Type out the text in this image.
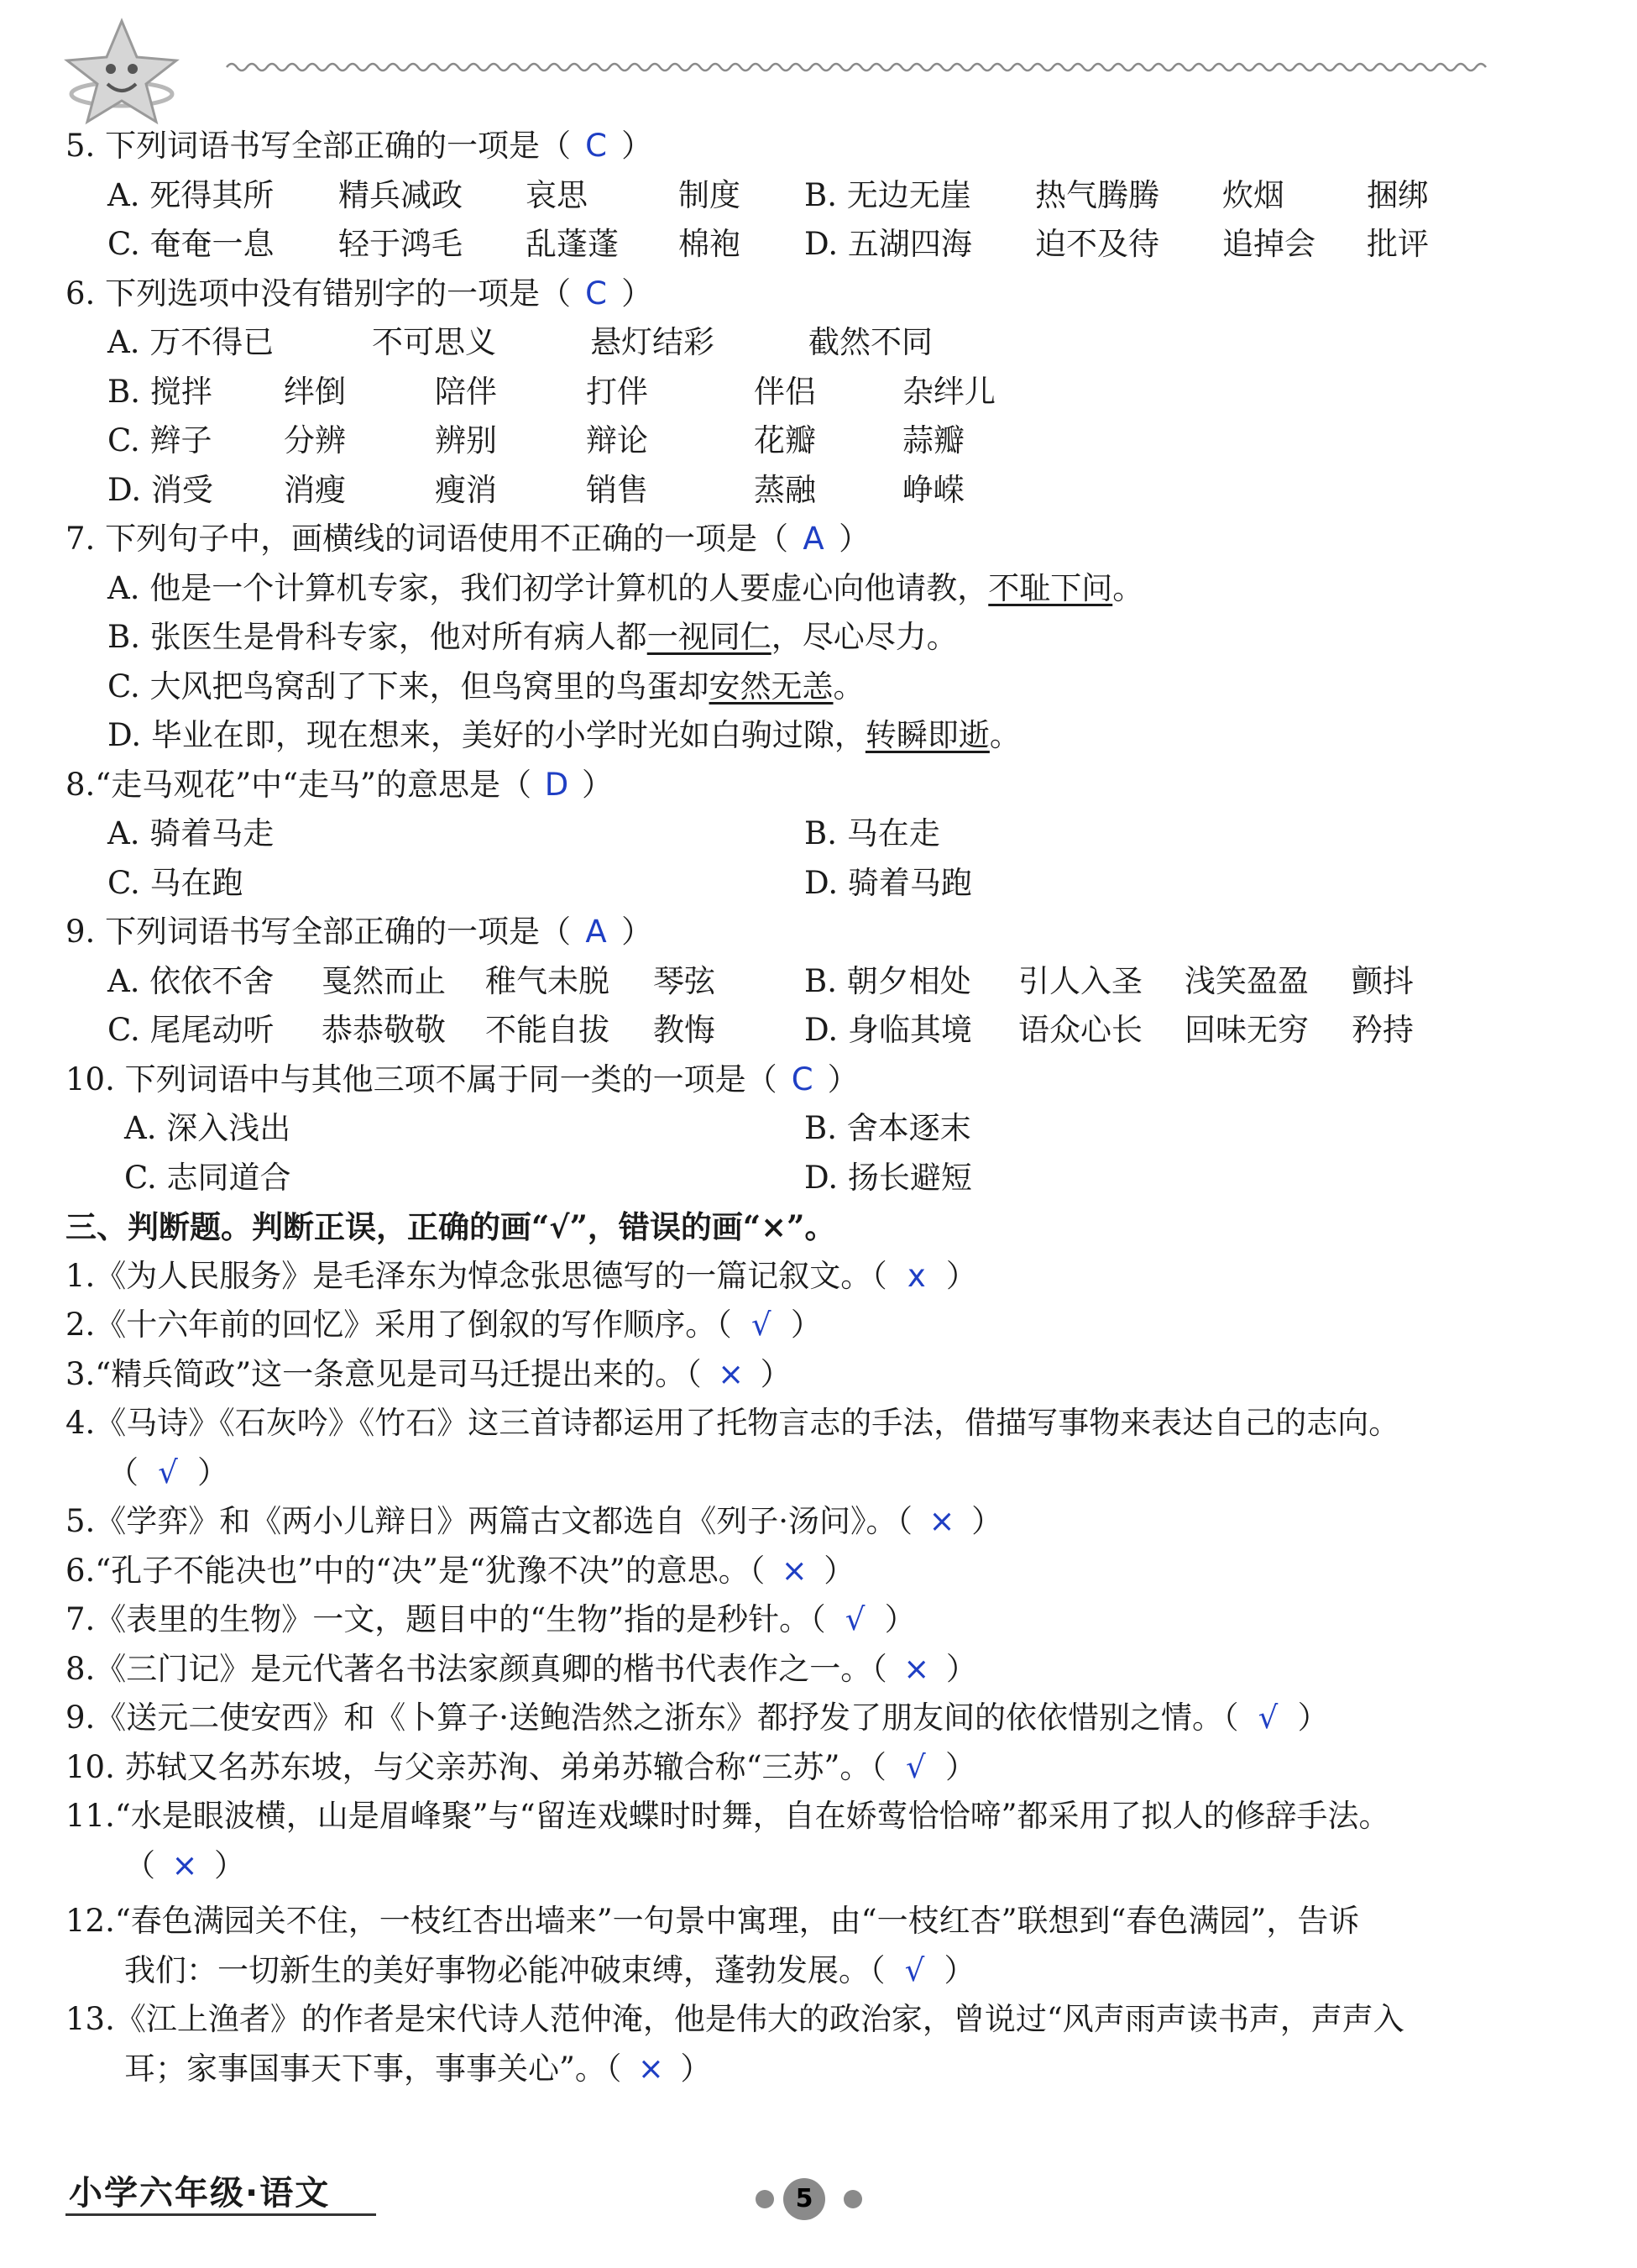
5. 下列词语书写全部正确的一项是（ C ）
A. 死得其所 精兵减政 哀思	制度 B. 无边无崖 热气腾腾 炊烟	捆绑
C. 奄奄一息 轻于鸿毛 乱蓬蓬 棉袍 D. 五湖四海 迫不及待 追掉会 批评
6. 下列选项中没有错别字的一项是（ C ）
A. 万不得已	不可思义	悬灯结彩	截然不同
B. 搅拌 绊倒	陪伴	打伴	伴侣	杂绊儿
C. 辫子 分辨	辨别	辩论	花瓣	蒜瓣
D. 消受 消瘦	瘦消	销售	蒸融	峥嵘
7. 下列句子中，画横线的词语使用不正确的一项是（ A ）
A. 他是一个计算机专家，我们初学计算机的人要虚心向他请教，不耻下问。
B. 张医生是骨科专家，他对所有病人都一视同仁，尽心尽力。
C. 大风把鸟窝刮了下来，但鸟窝里的鸟蛋却安然无恙。
D. 毕业在即，现在想来，美好的小学时光如白驹过隙，转瞬即逝。
8.“走马观花”中“走马”的意思是（ D ）
A. 骑着马走	B. 马在走
C. 马在跑	D. 骑着马跑
9. 下列词语书写全部正确的一项是（ A ）
A. 依依不舍 戛然而止 稚气未脱 琴弦	B. 朝夕相处 引人入圣 浅笑盈盈 颤抖
C. 尾尾动听 恭恭敬敬 不能自拔 教悔	D. 身临其境 语众心长 回味无穷 矜持
10. 下列词语中与其他三项不属于同一类的一项是（ C ）
A. 深入浅出	B. 舍本逐末
C. 志同道合	D. 扬长避短
三、判断题。判断正误，正确的画“√”，错误的画“×”。
1.《为人民服务》是毛泽东为悼念张思德写的一篇记叙文。（ x ）
2.《十六年前的回忆》采用了倒叙的写作顺序。（ √ ）
3.“精兵简政”这一条意见是司马迁提出来的。（ × ）
4.《马诗》《石灰吟》《竹石》这三首诗都运用了托物言志的手法，借描写事物来表达自己的志向。
（ √ ）
5.《学弈》和《两小儿辩日》两篇古文都选自《列子·汤问》。（ × ）
6.“孔子不能决也”中的“决”是“犹豫不决”的意思。（ × ）
7.《表里的生物》一文，题目中的“生物”指的是秒针。（ √ ）
8.《三门记》是元代著名书法家颜真卿的楷书代表作之一。（ × ）
9.《送元二使安西》和《卜算子·送鲍浩然之浙东》都抒发了朋友间的依依惜别之情。（ √ ）
10. 苏轼又名苏东坡，与父亲苏洵、弟弟苏辙合称“三苏”。（ √ ）
11.“水是眼波横，山是眉峰聚”与“留连戏蝶时时舞，自在娇莺恰恰啼”都采用了拟人的修辞手法。
（ × ）
12.“春色满园关不住，一枝红杏出墙来”一句景中寓理，由“一枝红杏”联想到“春色满园”，告诉
我们：一切新生的美好事物必能冲破束缚，蓬勃发展。（ √ ）
13.《江上渔者》的作者是宋代诗人范仲淹，他是伟大的政治家，曾说过“风声雨声读书声，声声入
耳；家事国事天下事，事事关心”。（ × ）
小学六年级·语文	5
